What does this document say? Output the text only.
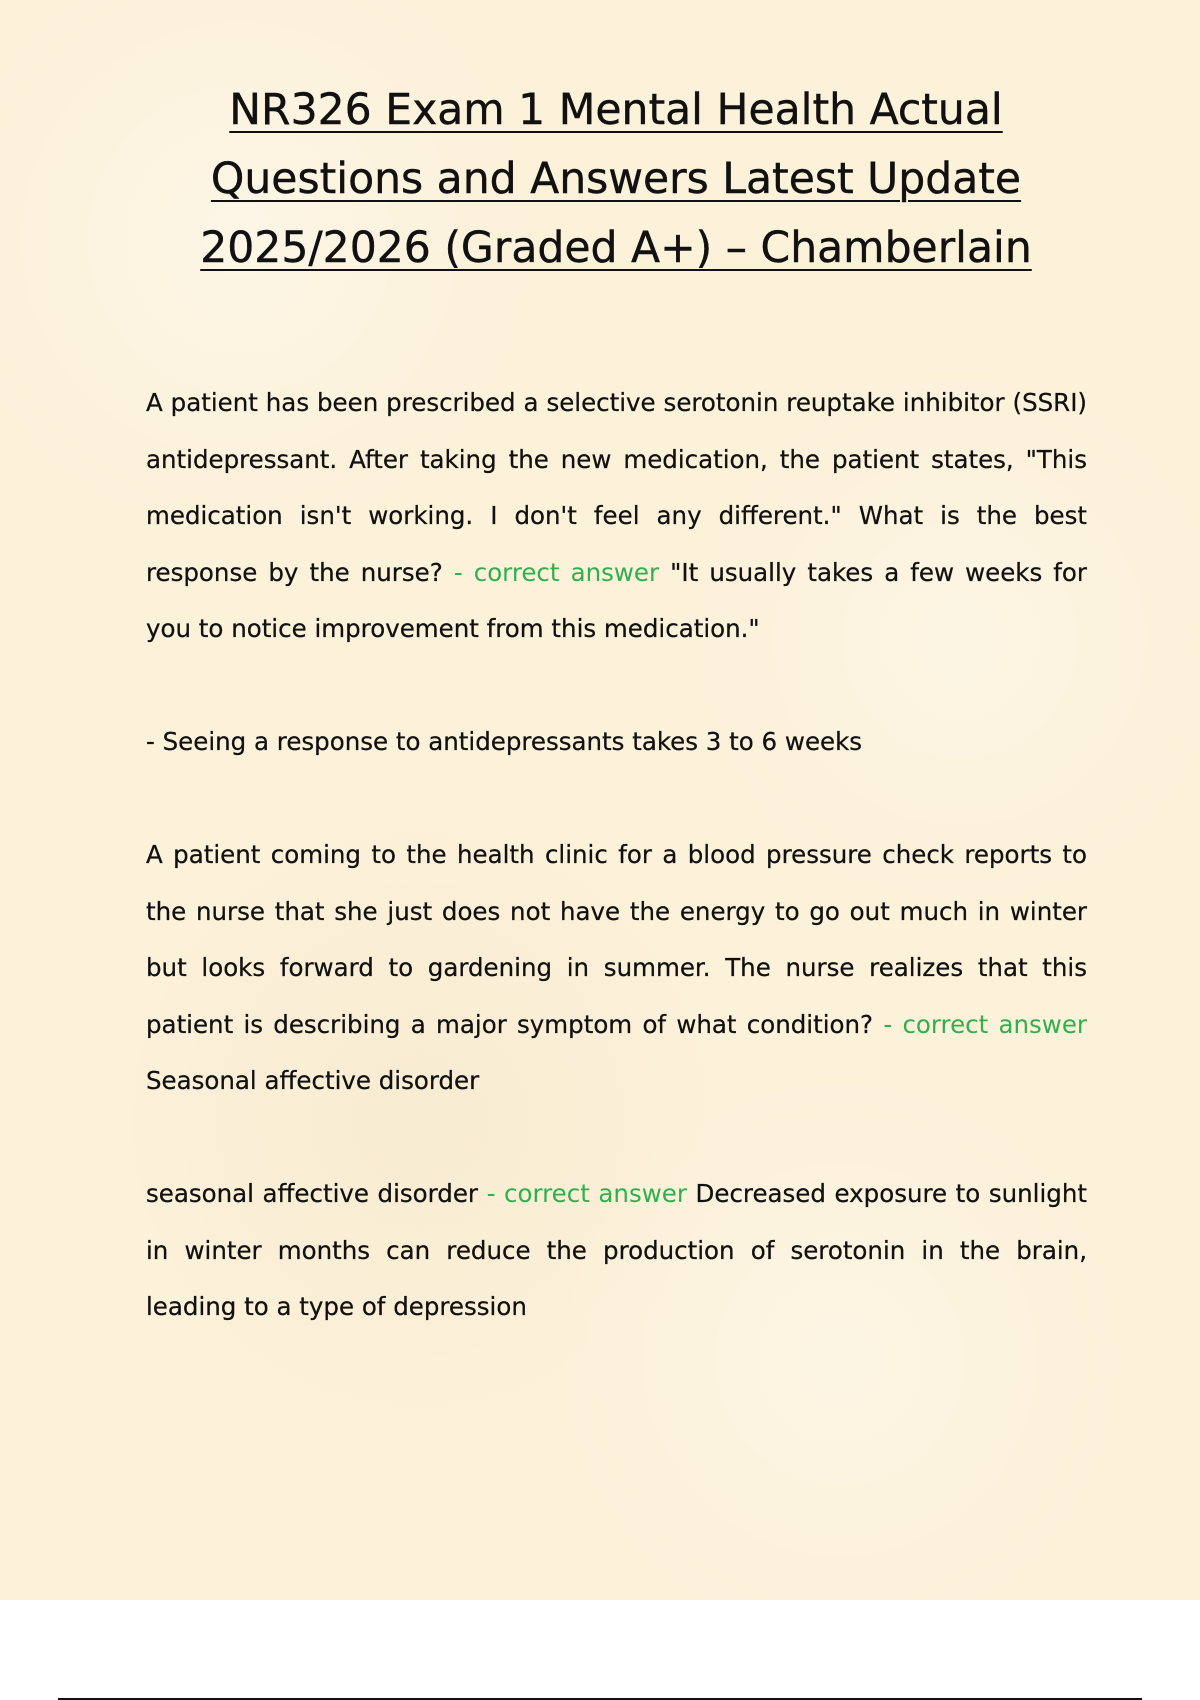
NR326 Exam 1 Mental Health Actual Questions and Answers Latest Update 2025/2026 (Graded A+) – Chamberlain

A patient has been prescribed a selective serotonin reuptake inhibitor (SSRI) antidepressant. After taking the new medication, the patient states, "This medication isn't working. I don't feel any different." What is the best response by the nurse? - correct answer "It usually takes a few weeks for you to notice improvement from this medication."

- Seeing a response to antidepressants takes 3 to 6 weeks

A patient coming to the health clinic for a blood pressure check reports to the nurse that she just does not have the energy to go out much in winter but looks forward to gardening in summer. The nurse realizes that this patient is describing a major symptom of what condition? - correct answer Seasonal affective disorder

seasonal affective disorder - correct answer Decreased exposure to sunlight in winter months can reduce the production of serotonin in the brain, leading to a type of depression
